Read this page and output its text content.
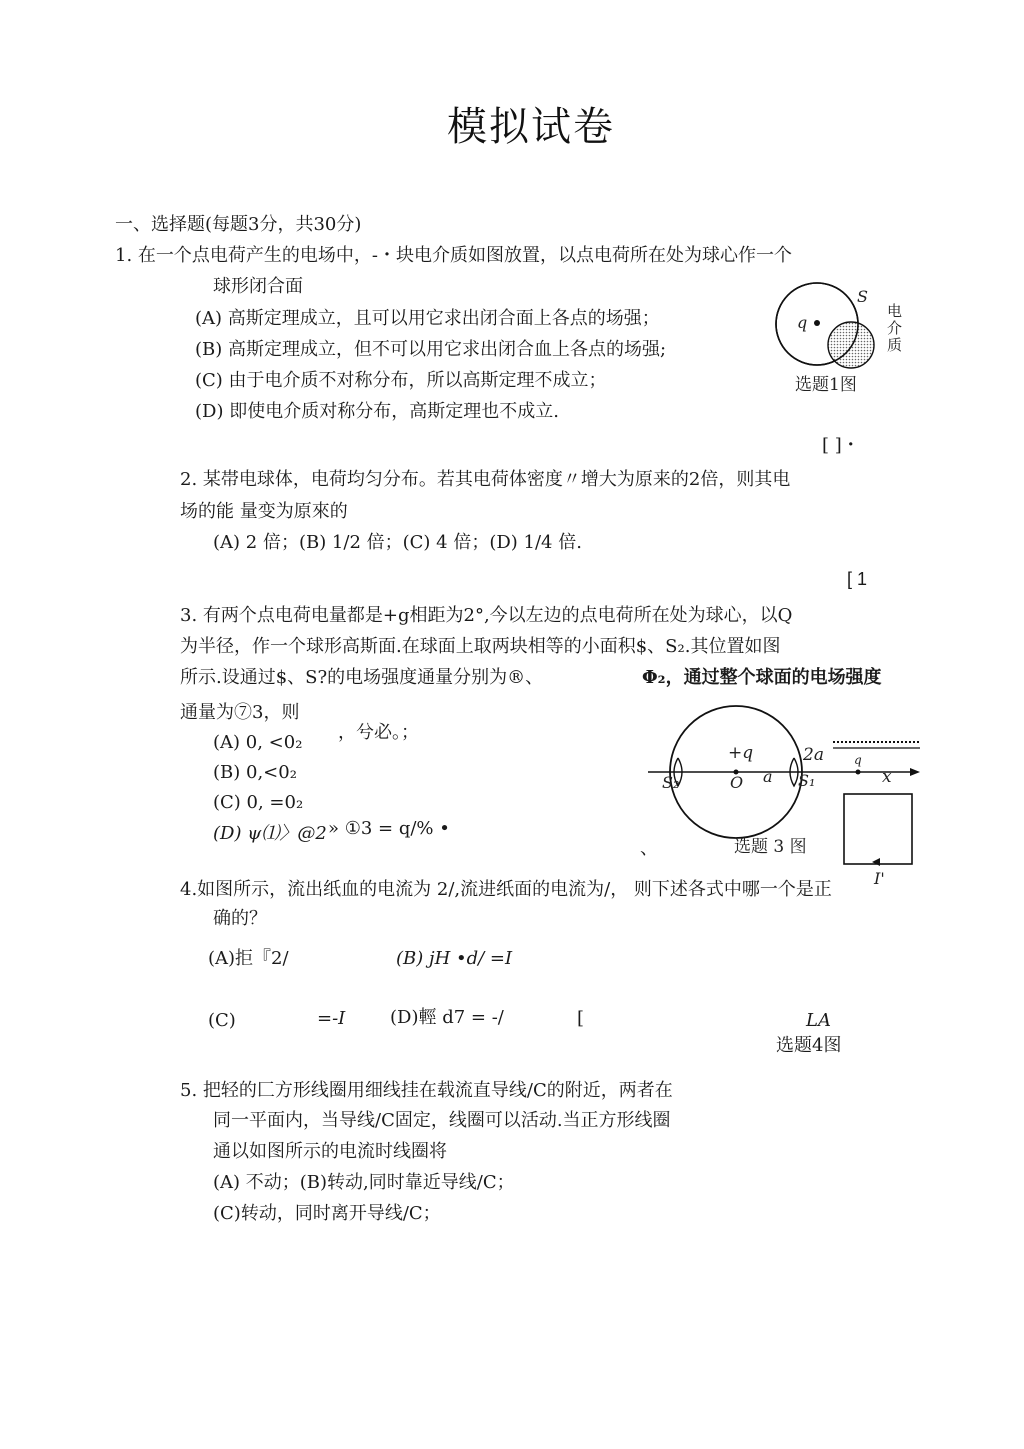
模拟试卷
一、选择题(每题3分，共30分)
1. 在一个点电荷产生的电场中，-・块电介质如图放置，以点电荷所在处为球心作一个
球形闭合面
(A) 高斯定理成立，且可以用它求出闭合面上各点的场强；
(B) 高斯定理成立，但不可以用它求出闭合血上各点的场强;
(C) 由于电介质不对称分布，所以高斯定理不成立；
(D) 即使电介质对称分布，高斯定理也不成立.
[ ]・
q
S
电
介
质
选题1图
2. 某帯电球体，电荷均匀分布。若其电荷体密度〃增大为原来的2倍，则其电
场的能 量变为原來的
(A) 2 倍；(B) 1/2 倍；(C) 4 倍；(D) 1/4 倍.
[ 1
3. 有两个点电荷电量都是+g相距为2°,今以左边的点电荷所在处为球心，以Q
为半径，作一个球形高斯面.在球面上取两块相等的小面积$、S₂.其位置如图
所示.设通过$、S?的电场强度通量分别为®、	Φ₂，通过整个球面的电场强度
通量为⑦3，则
，兮必。；
(A) 0, <0₂
(B) 0,<0₂
(C) 0, =0₂
(D) ψ⑴〉@2 » ①3 = q/% •
、
+q	2a	q
S₂	O a S₁	x
选题 3 图
I'
4.如图所示，流出纸血的电流为 2/,流进纸面的电流为/， 则下述各式中哪一个是正
确的？
(A)拒『2/	(B) jH •d/ =I
(C)	=-I (D)輕 d7 = -/	[	LA
选题4图
5. 把轻的匚方形线圈用细线挂在载流直导线/C的附近，两者在
同一平面内，当导线/C固定，线圈可以活动.当正方形线圈
通以如图所示的电流时线圈将
(A) 不动；(B)转动,同时靠近导线/C；
(C)转动，同时离开导线/C；
